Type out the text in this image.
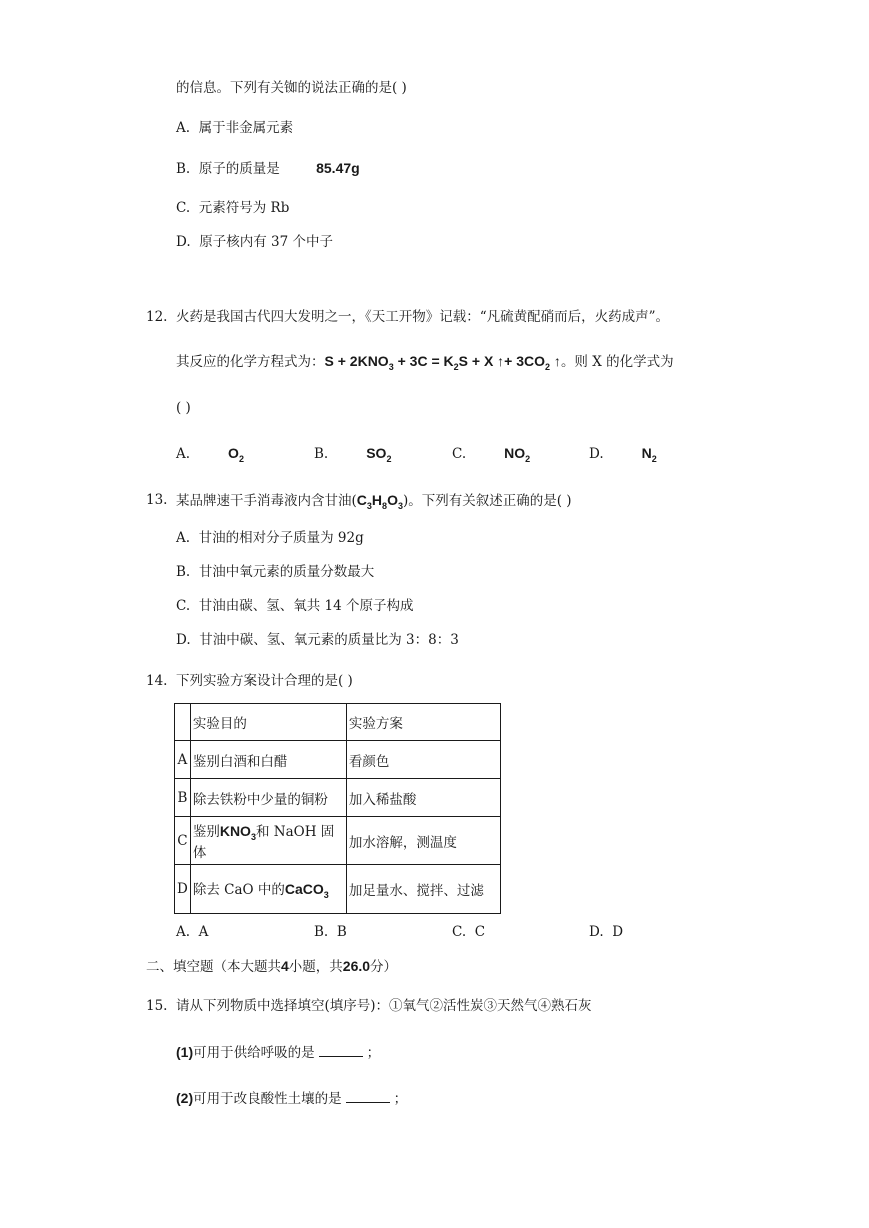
的信息。下列有关铷的说法正确的是( )
A. 属于非金属元素
B. 原子的质量是	85.47g
C. 元素符号为 Rb
D. 原子核内有 37 个中子
12. 火药是我国古代四大发明之一，《天工开物》记载：“凡硫黄配硝而后，火药成声”。
其反应的化学方程式为：$S + 2KNO_3 + 3C = K_2S + X$ ↑+ $3CO_2$ ↑。则 X 的化学式为
( )
A.	$O_2$	B.	$SO_2$	C.	$NO_2$	D.	$N_2$
13. 某品牌速干手消毒液内含甘油$(C_3H_8O_3)$。下列有关叙述正确的是( )
A. 甘油的相对分子质量为 92g
B. 甘油中氧元素的质量分数最大
C. 甘油由碳、氢、氧共 14 个原子构成
D. 甘油中碳、氢、氧元素的质量比为 3：8：3
14. 下列实验方案设计合理的是( )
	实验目的	实验方案
A	鉴别白酒和白醋	看颜色
B	除去铁粉中少量的铜粉	加入稀盐酸
C	鉴别$KNO_3$和 NaOH 固体	加水溶解，测温度
D	除去 CaO 中的CaCO$_3$	加足量水、搅拌、过滤
A. A	B. B	C. C	D. D
二、填空题（本大题共4小题，共26.0分）
15. 请从下列物质中选择填空(填序号)：①氧气②活性炭③天然气④熟石灰
(1)可用于供给呼吸的是	；
(2)可用于改良酸性土壤的是	；
